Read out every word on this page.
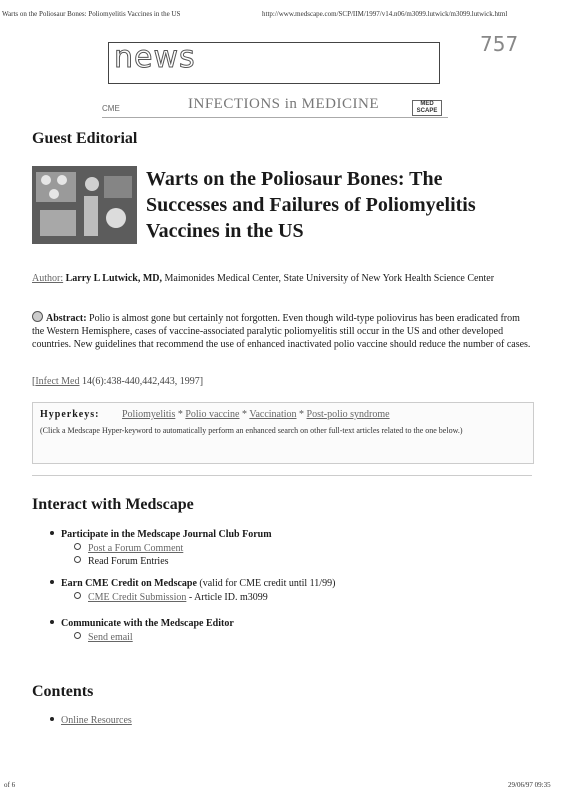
Warts on the Poliosaur Bones: Poliomyelitis Vaccines in the US	http://www.medscape.com/SCP/IIM/1997/v14.n06/m3099.lutwick/m3099.lutwick.html
757
news
CME	INFECTIONS in MEDICINE	MED SCAPE
Guest Editorial
Warts on the Poliosaur Bones: The Successes and Failures of Poliomyelitis Vaccines in the US
Author: Larry L Lutwick, MD, Maimonides Medical Center, State University of New York Health Science Center
Abstract: Polio is almost gone but certainly not forgotten. Even though wild-type poliovirus has been eradicated from the Western Hemisphere, cases of vaccine-associated paralytic poliomyelitis still occur in the US and other developed countries. New guidelines that recommend the use of enhanced inactivated polio vaccine should reduce the number of cases.
[Infect Med 14(6):438-440,442,443, 1997]
Hyperkeys: Poliomyelitis * Polio vaccine * Vaccination * Post-polio syndrome
(Click a Medscape Hyper-keyword to automatically perform an enhanced search on other full-text articles related to the one below.)
Interact with Medscape
Participate in the Medscape Journal Club Forum
Post a Forum Comment
Read Forum Entries
Earn CME Credit on Medscape (valid for CME credit until 11/99)
CME Credit Submission - Article ID. m3099
Communicate with the Medscape Editor
Send email
Contents
Online Resources
of 6	29/06/97 09:35
